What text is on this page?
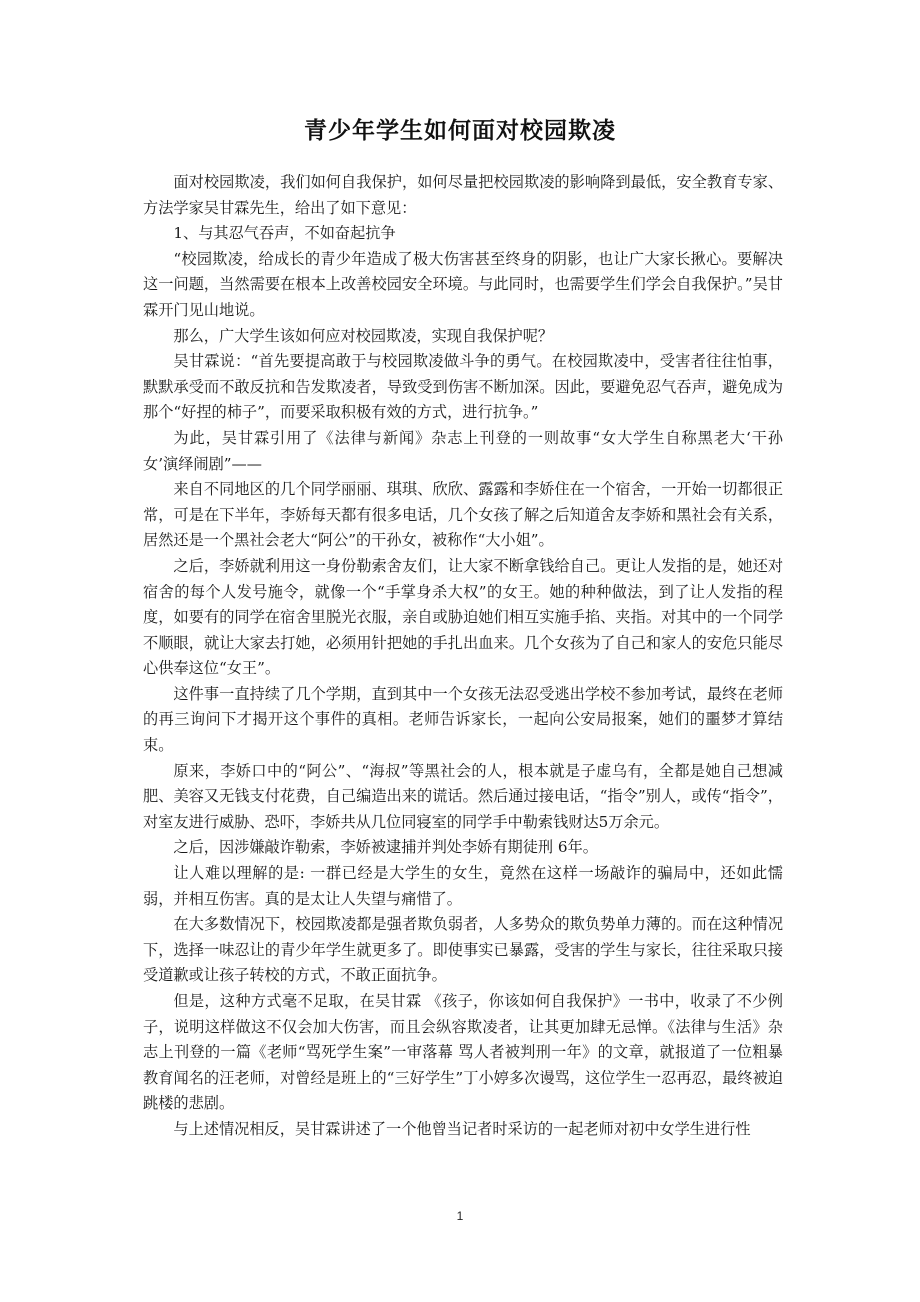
青少年学生如何面对校园欺凌

面对校园欺凌，我们如何自我保护，如何尽量把校园欺凌的影响降到最低，安全教育专家、方法学家吴甘霖先生，给出了如下意见：

1、与其忍气吞声，不如奋起抗争

“校园欺凌，给成长的青少年造成了极大伤害甚至终身的阴影，也让广大家长揪心。要解决这一问题，当然需要在根本上改善校园安全环境。与此同时，也需要学生们学会自我保护。”吴甘霖开门见山地说。

那么，广大学生该如何应对校园欺凌，实现自我保护呢？

吴甘霖说：“首先要提高敢于与校园欺凌做斗争的勇气。在校园欺凌中，受害者往往怕事，默默承受而不敢反抗和告发欺凌者，导致受到伤害不断加深。因此，要避免忍气吞声，避免成为那个“好捏的柿子”，而要采取积极有效的方式，进行抗争。”

为此，吴甘霖引用了《法律与新闻》杂志上刊登的一则故事“女大学生自称黑老大‘干孙女’演绎闹剧”——

来自不同地区的几个同学丽丽、琪琪、欣欣、露露和李娇住在一个宿舍，一开始一切都很正常，可是在下半年，李娇每天都有很多电话，几个女孩了解之后知道舍友李娇和黑社会有关系，居然还是一个黑社会老大“阿公”的干孙女，被称作“大小姐”。

之后，李娇就利用这一身份勒索舍友们，让大家不断拿钱给自己。更让人发指的是，她还对宿舍的每个人发号施令，就像一个“手掌身杀大权”的女王。她的种种做法，到了让人发指的程度，如要有的同学在宿舍里脱光衣服，亲自或胁迫她们相互实施手掐、夹指。对其中的一个同学不顺眼，就让大家去打她，必须用针把她的手扎出血来。几个女孩为了自己和家人的安危只能尽心供奉这位“女王”。

这件事一直持续了几个学期，直到其中一个女孩无法忍受逃出学校不参加考试，最终在老师的再三询问下才揭开这个事件的真相。老师告诉家长，一起向公安局报案，她们的噩梦才算结束。

原来，李娇口中的“阿公”、“海叔”等黑社会的人，根本就是子虚乌有，全都是她自己想减肥、美容又无钱支付花费，自己编造出来的谎话。然后通过接电话，“指令”别人，或传“指令”，对室友进行威胁、恐吓，李娇共从几位同寝室的同学手中勒索钱财达5万余元。

之后，因涉嫌敲诈勒索，李娇被逮捕并判处李娇有期徒刑 6年。

让人难以理解的是: 一群已经是大学生的女生，竟然在这样一场敲诈的骗局中，还如此懦弱，并相互伤害。真的是太让人失望与痛惜了。

在大多数情况下，校园欺凌都是强者欺负弱者，人多势众的欺负势单力薄的。而在这种情况下，选择一味忍让的青少年学生就更多了。即使事实已暴露，受害的学生与家长，往往采取只接受道歉或让孩子转校的方式，不敢正面抗争。

但是，这种方式毫不足取，在吴甘霖 《孩子，你该如何自我保护》一书中，收录了不少例子，说明这样做这不仅会加大伤害，而且会纵容欺凌者，让其更加肆无忌惮。《法律与生活》杂志上刊登的一篇《老师“骂死学生案”一审落幕 骂人者被判刑一年》的文章，就报道了一位粗暴教育闻名的汪老师，对曾经是班上的“三好学生”丁小婷多次谩骂，这位学生一忍再忍，最终被迫跳楼的悲剧。

与上述情况相反，吴甘霖讲述了一个他曾当记者时采访的一起老师对初中女学生进行性

1
